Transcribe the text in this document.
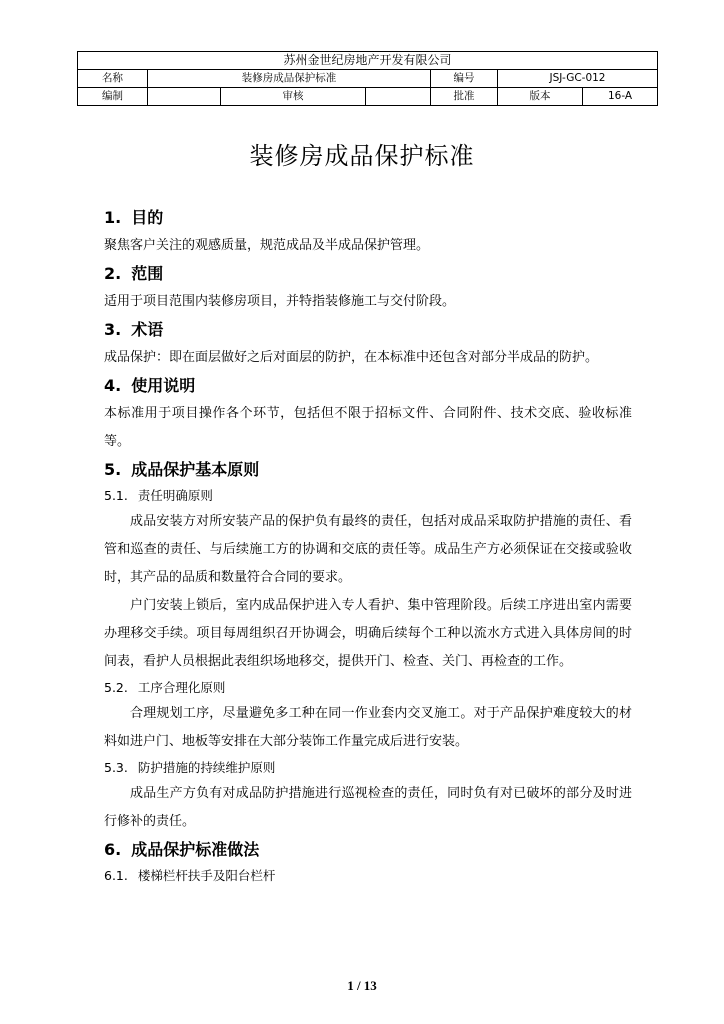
苏州金世纪房地产开发有限公司						
名称	装修房成品保护标准			编号	JSJ-GC-012	
编制		审核		批准	版本	16-A
装修房成品保护标准
1. 目的

聚焦客户关注的观感质量，规范成品及半成品保护管理。

2. 范围

适用于项目范围内装修房项目，并特指装修施工与交付阶段。

3. 术语

成品保护：即在面层做好之后对面层的防护，在本标准中还包含对部分半成品的防护。

4. 使用说明

本标准用于项目操作各个环节，包括但不限于招标文件、合同附件、技术交底、验收标准等。

5. 成品保护基本原则
5.1. 责任明确原则

成品安装方对所安装产品的保护负有最终的责任，包括对成品采取防护措施的责任、看管和巡查的责任、与后续施工方的协调和交底的责任等。成品生产方必须保证在交接或验收时，其产品的品质和数量符合合同的要求。

户门安装上锁后，室内成品保护进入专人看护、集中管理阶段。后续工序进出室内需要办理移交手续。项目每周组织召开协调会，明确后续每个工种以流水方式进入具体房间的时间表，看护人员根据此表组织场地移交，提供开门、检查、关门、再检查的工作。

5.2. 工序合理化原则

合理规划工序，尽量避免多工种在同一作业套内交叉施工。对于产品保护难度较大的材料如进户门、地板等安排在大部分装饰工作量完成后进行安装。

5.3. 防护措施的持续维护原则

成品生产方负有对成品防护措施进行巡视检查的责任，同时负有对已破坏的部分及时进行修补的责任。

6. 成品保护标准做法
6.1. 楼梯栏杆扶手及阳台栏杆
1 / 13
